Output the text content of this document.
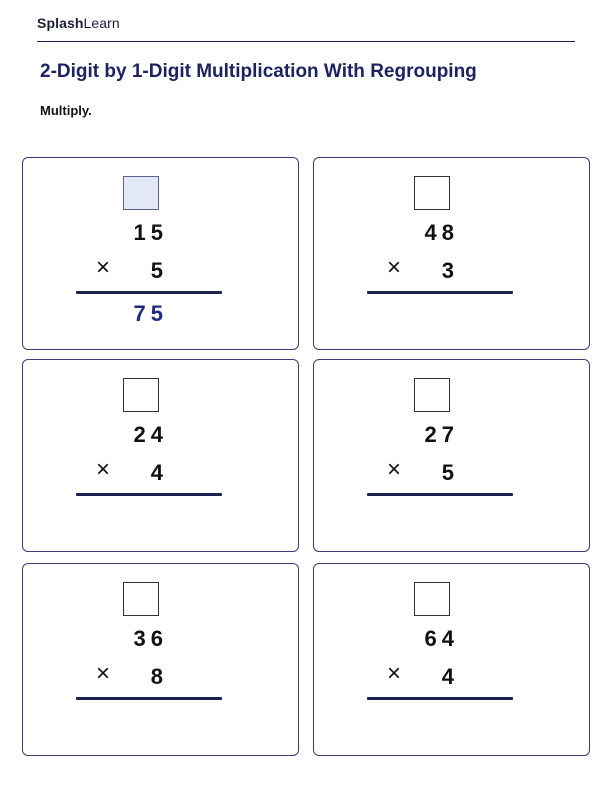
SplashLearn
2-Digit by 1-Digit Multiplication With Regrouping
Multiply.
15
×	5
75
48
×	3
24
×	4
27
×	5
36
×	8
64
×	4
